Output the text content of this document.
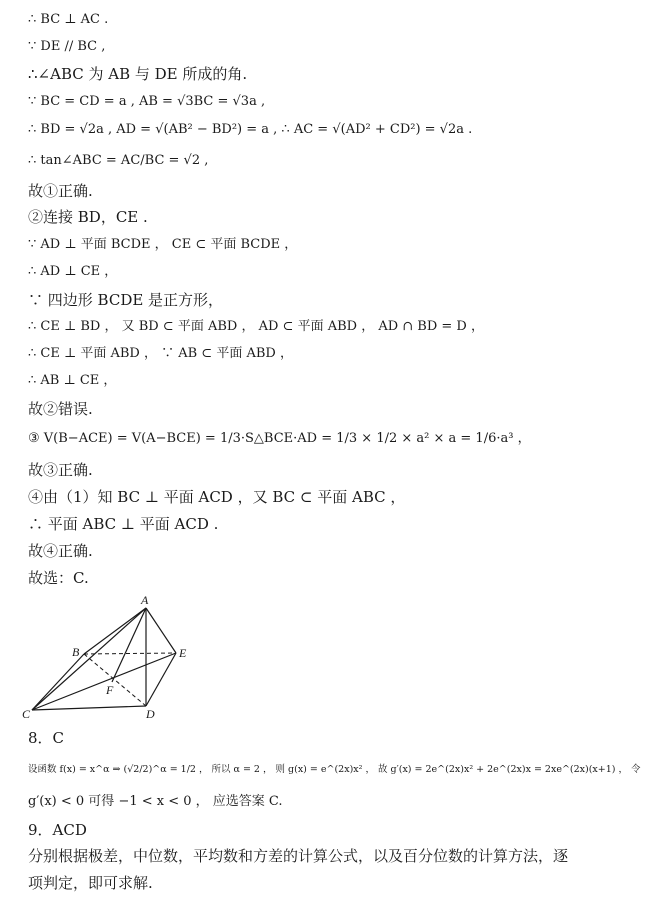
∴ BC ⊥ AC .
∵ DE // BC ,
∴∠ABC 为 AB 与 DE 所成的角.
∵ BC = CD = a , AB = √3BC = √3a ,
∴ BD = √2a , AD = √(AB² − BD²) = a , ∴ AC = √(AD² + CD²) = √2a .
∴ tan∠ABC = AC/BC = √2 ,
故①正确.
②连接 BD，CE .
∵ AD ⊥ 平面 BCDE ， CE ⊂ 平面 BCDE ，
∴ AD ⊥ CE ，
∵ 四边形 BCDE 是正方形，
∴ CE ⊥ BD ， 又 BD ⊂ 平面 ABD ， AD ⊂ 平面 ABD ， AD ∩ BD = D ，
∴ CE ⊥ 平面 ABD ， ∵ AB ⊂ 平面 ABD ，
∴ AB ⊥ CE ，
故②错误.
③ V(B−ACE) = V(A−BCE) = 1/3·S△BCE·AD = 1/3 × 1/2 × a² × a = 1/6·a³ ，
故③正确.
④由（1）知 BC ⊥ 平面 ACD ，又 BC ⊂ 平面 ABC ，
∴ 平面 ABC ⊥ 平面 ACD .
故④正确.
故选：C.
A
B
C	D
E
F
8．C
设函数 f(x) = x^α ⇒ (√2/2)^α = 1/2 ， 所以 α = 2 ， 则 g(x) = e^(2x)x² ， 故 g′(x) = 2e^(2x)x² + 2e^(2x)x = 2xe^(2x)(x+1) ， 令
g′(x) < 0 可得 −1 < x < 0 ， 应选答案 C.
9．ACD
分别根据极差，中位数，平均数和方差的计算公式，以及百分位数的计算方法，逐
项判定，即可求解.
